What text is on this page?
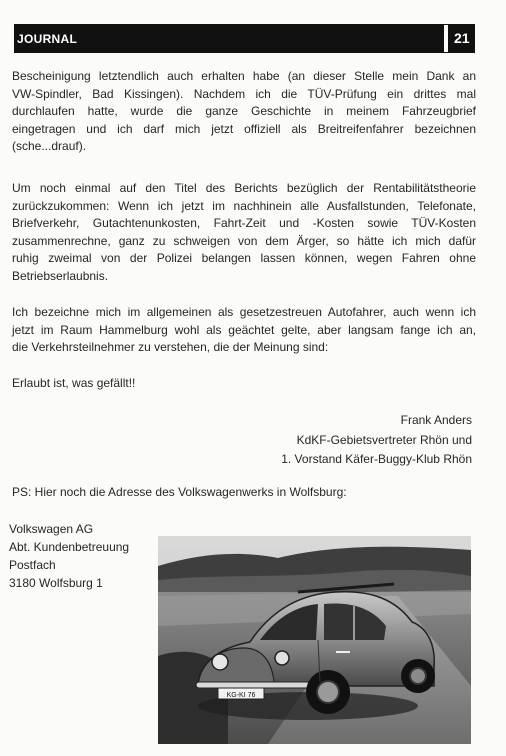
JOURNAL	21

Bescheinigung letztendlich auch erhalten habe (an dieser Stelle mein Dank an
VW-Spindler, Bad Kissingen). Nachdem ich die TÜV-Prüfung ein drittes mal
durchlaufen hatte, wurde die ganze Geschichte in meinem Fahrzeugbrief
eingetragen und ich darf mich jetzt offiziell als Breitreifenfahrer bezeichnen
(sche...drauf).

Um noch einmal auf den Titel des Berichts bezüglich der Rentabilitätstheorie
zurückzukommen: Wenn ich jetzt im nachhinein alle Ausfallstunden, Telefonate,
Briefverkehr, Gutachtenunkosten, Fahrt-Zeit und -Kosten sowie TÜV-Kosten
zusammenrechne, ganz zu schweigen von dem Ärger, so hätte ich mich dafür
ruhig zweimal von der Polizei belangen lassen können, wegen Fahren ohne
Betriebserlaubnis.

Ich bezeichne mich im allgemeinen als gesetzestreuen Autofahrer, auch wenn ich
jetzt im Raum Hammelburg wohl als geächtet gelte, aber langsam fange ich an,
die Verkehrsteilnehmer zu verstehen, die der Meinung sind:

Erlaubt ist, was gefällt!!

Frank Anders
KdKF-Gebietsvertreter Rhön und
1. Vorstand Käfer-Buggy-Klub Rhön

PS: Hier noch die Adresse des Volkswagenwerks in Wolfsburg:

Volkswagen AG
Abt. Kundenbetreuung
Postfach
3180 Wolfsburg 1
KG-KI 76
